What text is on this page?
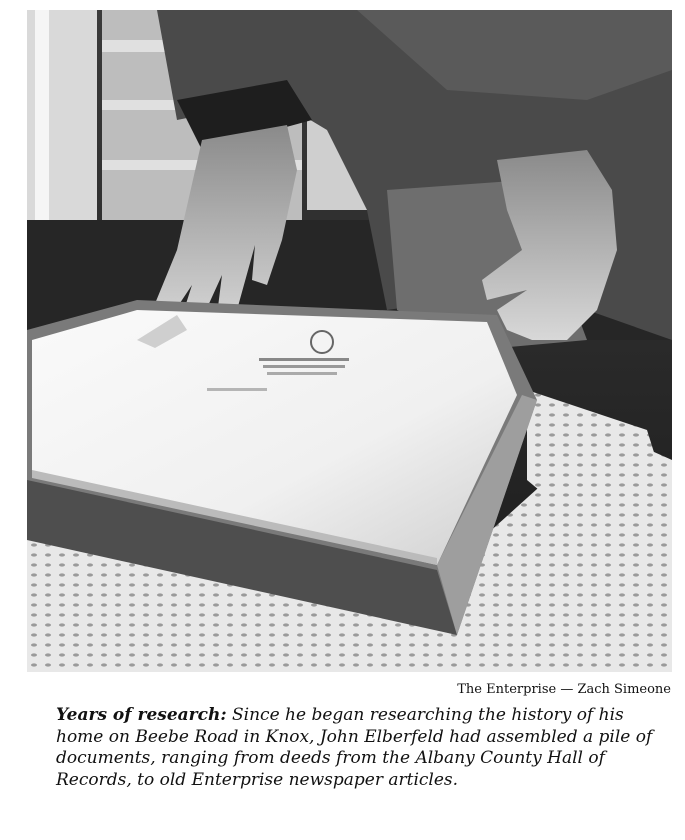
The Enterprise — Zach Simeone
Years of research: Since he began researching the history of his home on Beebe Road in Knox, John Elberfeld had assembled a pile of documents, ranging from deeds from the Albany County Hall of Records, to old Enterprise newspaper articles.
